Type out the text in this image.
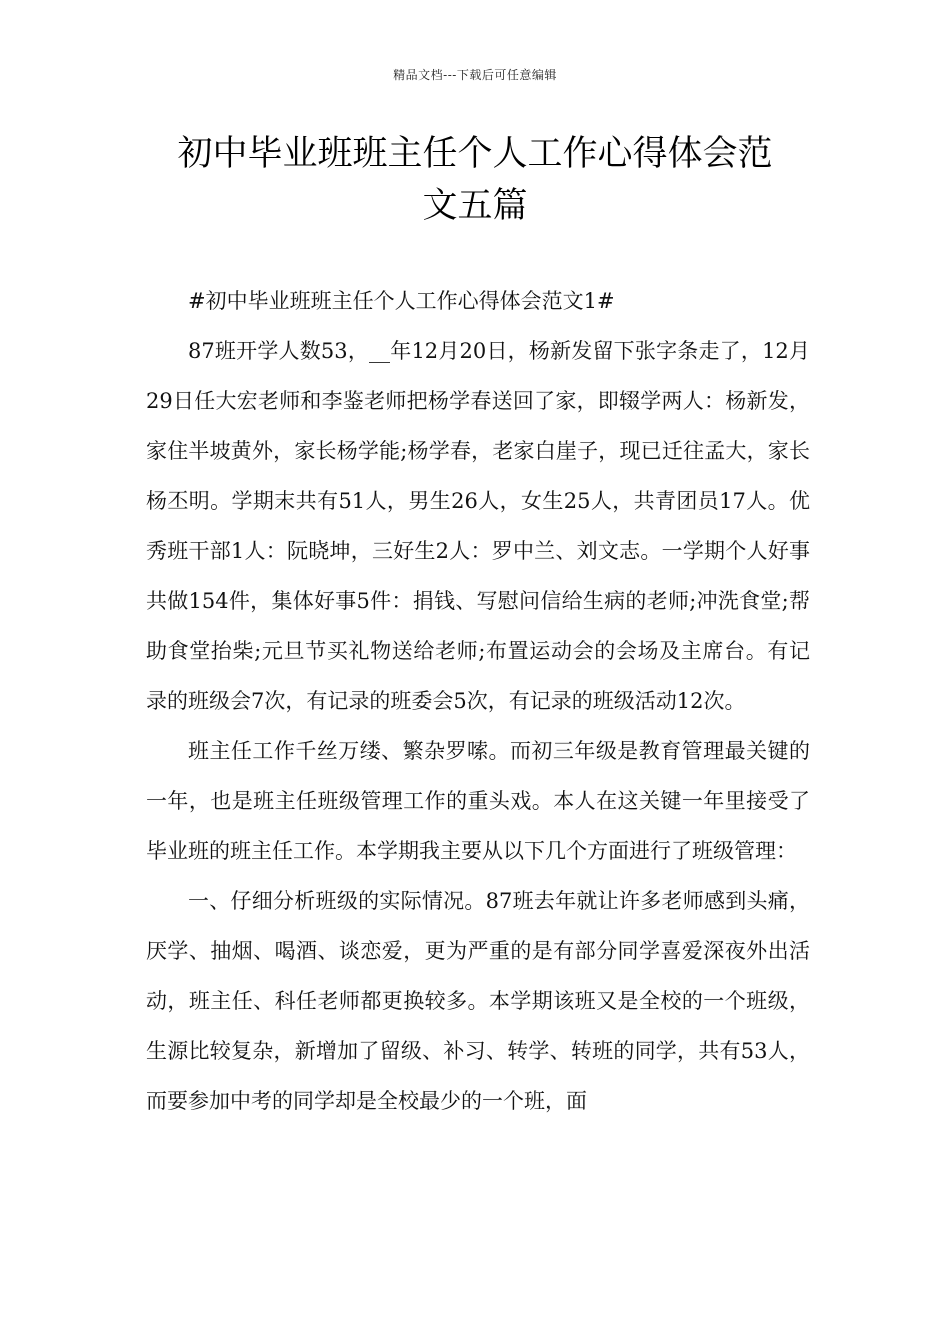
精品文档---下载后可任意编辑
初中毕业班班主任个人工作心得体会范
文五篇

#初中毕业班班主任个人工作心得体会范文1#

87班开学人数53，__年12月20日，杨新发留下张字条走了，12月29日任大宏老师和李鉴老师把杨学春送回了家，即辍学两人：杨新发，家住半坡黄外，家长杨学能;杨学春，老家白崖子，现已迁往孟大，家长杨丕明。学期末共有51人，男生26人，女生25人，共青团员17人。优秀班干部1人：阮晓坤，三好生2人：罗中兰、刘文志。一学期个人好事共做154件，集体好事5件：捐钱、写慰问信给生病的老师;冲洗食堂;帮助食堂抬柴;元旦节买礼物送给老师;布置运动会的会场及主席台。有记录的班级会7次，有记录的班委会5次，有记录的班级活动12次。

班主任工作千丝万缕、繁杂罗嗦。而初三年级是教育管理最关键的一年，也是班主任班级管理工作的重头戏。本人在这关键一年里接受了毕业班的班主任工作。本学期我主要从以下几个方面进行了班级管理：

一、仔细分析班级的实际情况。87班去年就让许多老师感到头痛，厌学、抽烟、喝酒、谈恋爱，更为严重的是有部分同学喜爱深夜外出活动，班主任、科任老师都更换较多。本学期该班又是全校的一个班级，生源比较复杂，新增加了留级、补习、转学、转班的同学，共有53人，而要参加中考的同学却是全校最少的一个班，面
